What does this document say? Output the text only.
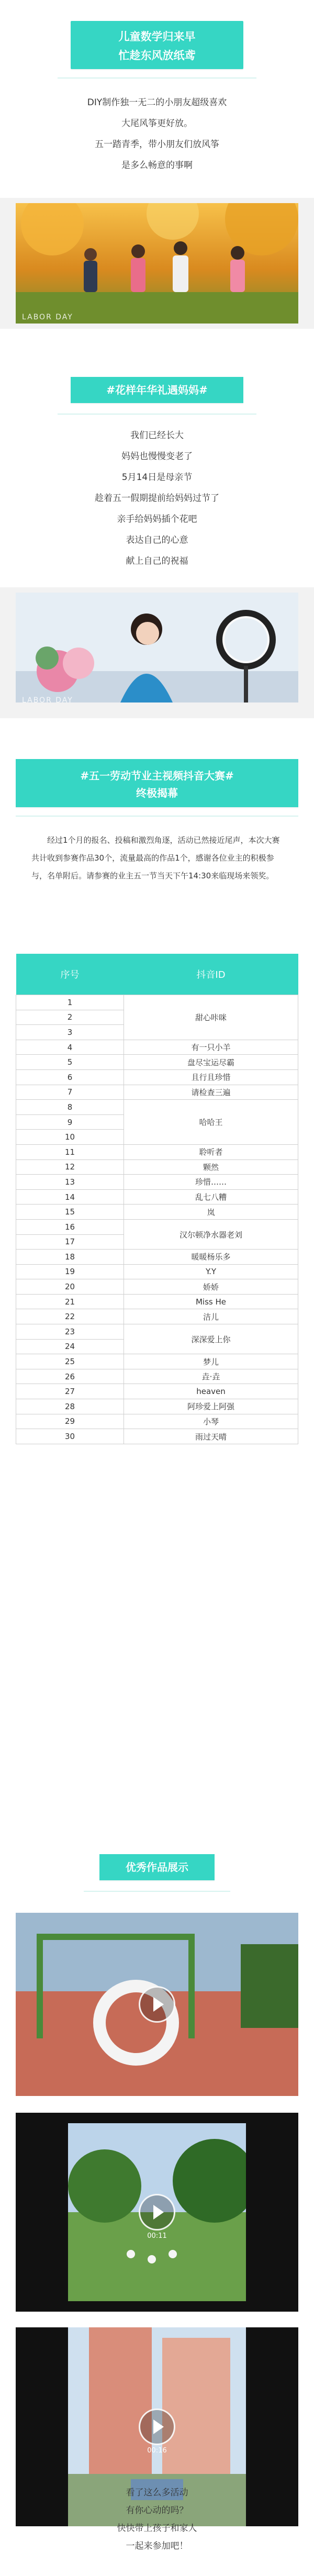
儿童数学归来早
忙趁东风放纸鸢
DIY制作独一无二的小朋友超级喜欢
大尾风筝更好放。
五一踏青季，带小朋友们放风筝
是多么畅意的事啊
LABOR DAY
#花样年华礼遇妈妈#
我们已经长大
妈妈也慢慢变老了
5月14日是母亲节
趁着五一假期提前给妈妈过节了
亲手给妈妈插个花吧
表达自己的心意
献上自己的祝福
LABOR DAY
#五一劳动节业主视频抖音大赛#
终极揭幕
经过1个月的报名、投稿和激烈角逐，活动已然接近尾声，本次大赛共计收到参赛作品30个，流量最高的作品1个，感谢各位业主的积极参与，名单附后。请参赛的业主五一节当天下午14:30来临现场来领奖。
序号	抖音ID
1	甜心咔咪
2	
3	
4	有一只小羊
5	盘尽宝运尽霸
6	且行且珍惜
7	请检查三遍
8	哈哈王
9	
10	
11	聆听者
12	颗然
13	珍惜……
14	乱七八糟
15	岚
16	汉尔顿净水器老刘
17	
18	暖暖杨乐多
19	Y.Y
20	娇娇
21	Miss He
22	洁儿
23	深深爱上你
24	
25	梦儿
26	垚·垚
27	heaven
28	阿珍爱上阿强
29	小琴
30	雨过天晴
优秀作品展示
00:11
00:16
看了这么多活动
有你心动的吗？
快快带上孩子和家人
一起来参加吧！
